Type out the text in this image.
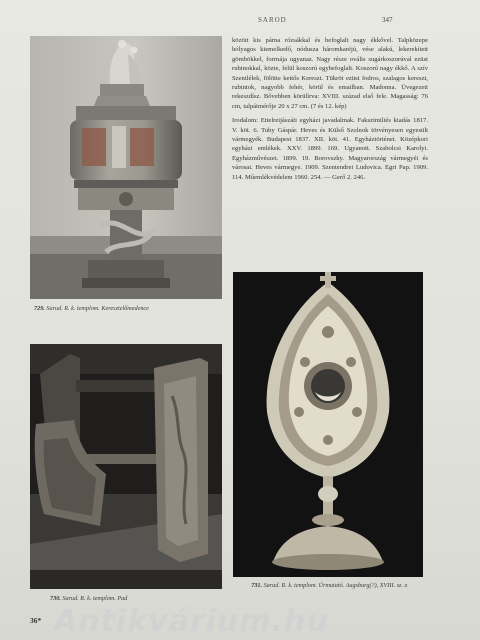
SAROD	347
729. Sarud. R. k. templom. Keresztelőmedence
730. Sarud. R. k. templom. Pad
731. Sarud. R. k. templom. Úrmutató. Augsburg(?), XVIII. sz. e.

között kis párna rózsákkal és befoglalt nagy ékkővel. Talpközepe hólyagos kiemelkedő, nódusza háromkaréjú, vése alakú, lekerekített gömbökkel, forrnája ugyanaz. Nagy része ovális sugárkoszorúval ezüst rubinokkal, közte, felül koszorú egybefoglalt. Koszorú nagy ékkő. A szív Szentlélek, fölötte kettős Kereszt. Tükröt ezüst fodros, szalagos kereszt, rubintok, nagyobb fehér, körül és emailban. Madonna. Üvegezett rekeszdísz. Bővebben körülírva: XVIII. század első fele. Magasság: 76 cm, talpátmérője 20 x 27 cm. (7 és 12. kép)

Irodalom: Ettelreijászáti egyházi javadalmak. Fakszimiliés kiadás 1817. V. köt. 6. Tuby Gáspár. Heves és Külső Szolnok törvényesen egyesült vármegyék. Budapest 1837. XII. köt. 41. Egyháztörténet. Középkori egyházi emlékek. XXV. 1899. 169. Ugyanott. Szabolcsi Karolyi. Egyházművészet. 1899. 19. Borovszky. Magyarország vármegyéi és városai. Heves vármegye. 1909. Szentendrei Ludovica. Egri Pap. 1909. 114. Műemlékvédelem 1960. 254. — Gerő 2. 246.

Antikvárium.hu
36*
